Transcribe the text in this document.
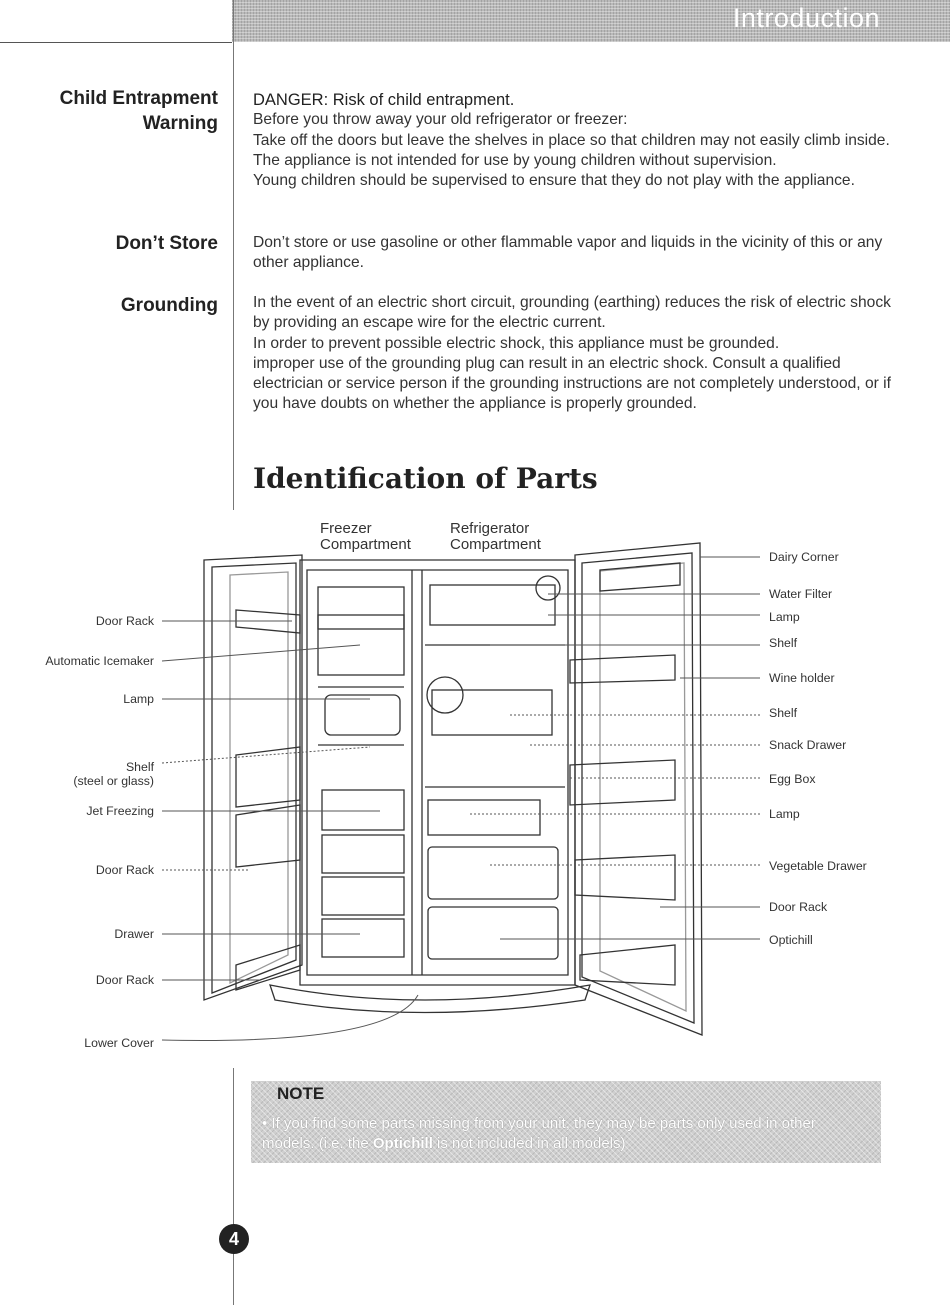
Introduction
Child Entrapment
Warning

DANGER: Risk of child entrapment.

Before you throw away your old refrigerator or freezer:

Take off the doors but leave the shelves in place so that children may not easily climb inside.

The appliance is not intended for use by young children without supervision.

Young children should be supervised to ensure that they do not play with the appliance.

Don’t Store Don’t store or use gasoline or other flammable vapor and liquids in the vicinity of this or any other appliance.
Grounding In the event of an electric short circuit, grounding (earthing) reduces the risk of electric shock by providing an escape wire for the electric current.

In order to prevent possible electric shock, this appliance must be grounded.

improper use of the grounding plug can result in an electric shock. Consult a qualified electrician or service person if the grounding instructions are not completely understood, or if you have doubts on whether the appliance is properly grounded.

Identification of Parts
Freezer
Compartment
Refrigerator
Compartment
Door Rack
Automatic Icemaker
Lamp
Shelf
(steel or glass)
Jet Freezing
Door Rack
Drawer
Door Rack
Lower Cover
Dairy Corner
Water Filter
Lamp
Shelf
Wine holder
Shelf
Snack Drawer
Egg Box
Lamp
Vegetable Drawer
Door Rack
Optichill
NOTE
• If you find some parts missing from your unit, they may be parts only used in other models. (i.e. the Optichill is not included in all models)
4
